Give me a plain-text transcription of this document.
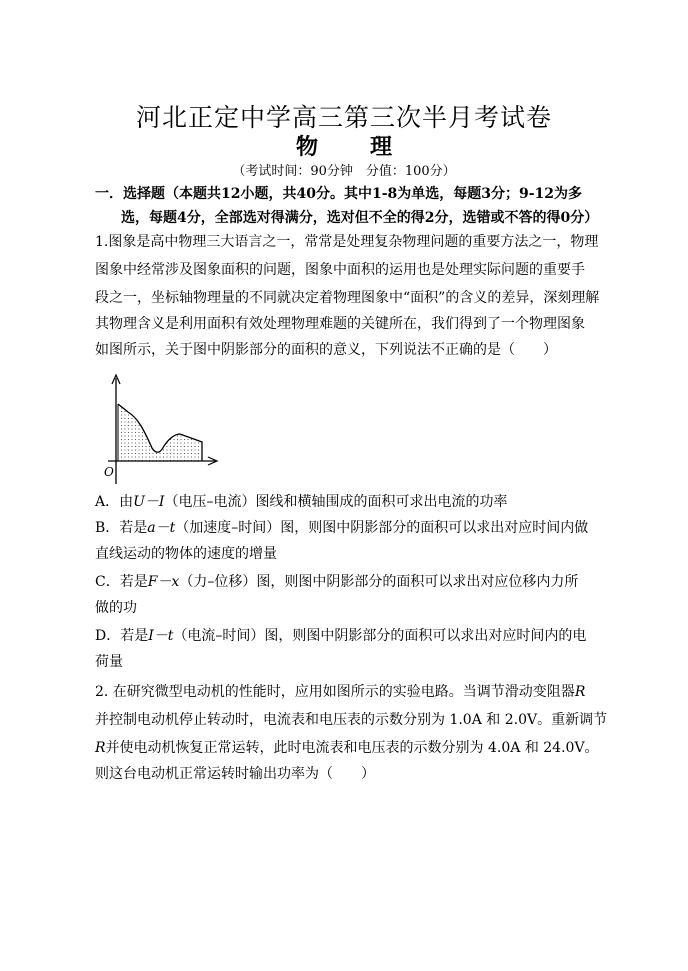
河北正定中学高三第三次半月考试卷
物 理
（考试时间：90分钟　分值：100分）
一．选择题（本题共12小题，共40分。其中1-8为单选，每题3分；9-12为多
选，每题4分，全部选对得满分，选对但不全的得2分，选错或不答的得0分）
1.图象是高中物理三大语言之一，常常是处理复杂物理问题的重要方法之一，物理
图象中经常涉及图象面积的问题，图象中面积的运用也是处理实际问题的重要手
段之一，坐标轴物理量的不同就决定着物理图象中“面积”的含义的差异，深刻理解
其物理含义是利用面积有效处理物理难题的关键所在，我们得到了一个物理图象
如图所示，关于图中阴影部分的面积的意义，下列说法不正确的是（　　）
O
A．由U－I（电压–电流）图线和横轴围成的面积可求出电流的功率
B．若是a－t（加速度–时间）图，则图中阴影部分的面积可以求出对应时间内做
直线运动的物体的速度的增量
C．若是F－x（力–位移）图，则图中阴影部分的面积可以求出对应位移内力所
做的功
D．若是I－t（电流–时间）图，则图中阴影部分的面积可以求出对应时间内的电
荷量
2. 在研究微型电动机的性能时，应用如图所示的实验电路。当调节滑动变阻器R
并控制电动机停止转动时，电流表和电压表的示数分别为 1.0A 和 2.0V。重新调节
R并使电动机恢复正常运转，此时电流表和电压表的示数分别为 4.0A 和 24.0V。
则这台电动机正常运转时输出功率为（　　）
